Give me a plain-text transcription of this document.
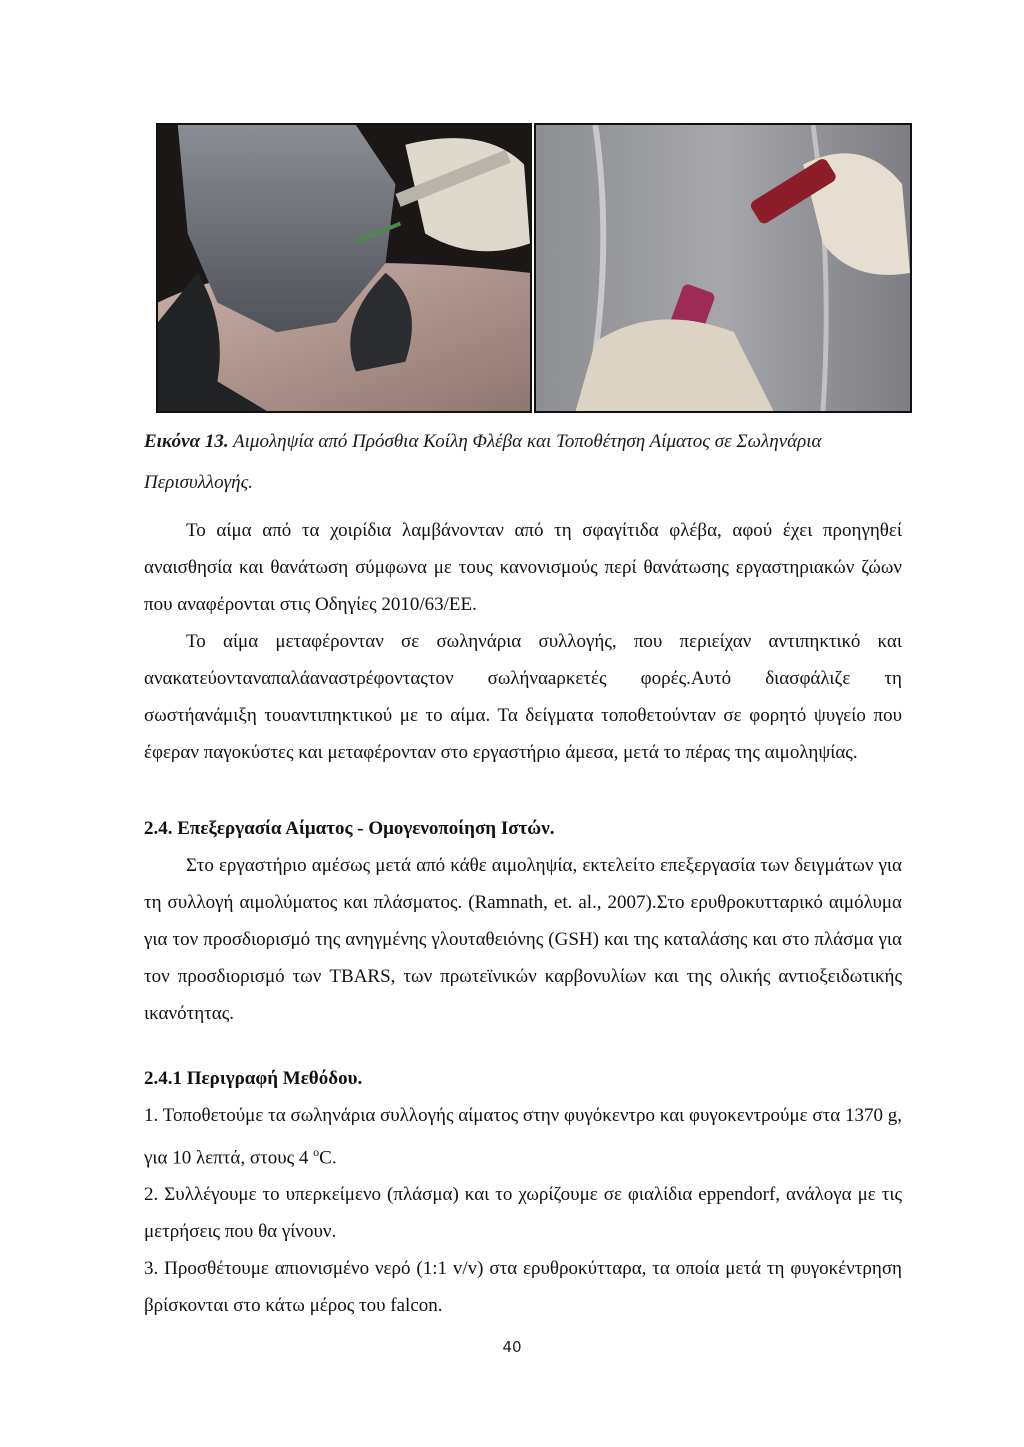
Εικόνα 13. Αιμοληψία από Πρόσθια Κοίλη Φλέβα και Τοποθέτηση Αίματος σε Σωληνάρια Περισυλλογής.

Το αίμα από τα χοιρίδια λαμβάνονταν από τη σφαγίτιδα φλέβα, αφού έχει προηγηθεί αναισθησία και θανάτωση σύμφωνα με τους κανονισμούς περί θανάτωσης εργαστηριακών ζώων που αναφέρονται στις Οδηγίες 2010/63/ΕΕ.

Το αίμα μεταφέρονταν σε σωληνάρια συλλογής, που περιείχαν αντιπηκτικό και ανακατεύονταναπαλάαναστρέφονταςτον σωλήναaρκετές φορές.Αυτό διασφάλιζε τη σωστήανάμιξη τουαντιπηκτικού με το αίμα. Τα δείγματα τοποθετούνταν σε φορητό ψυγείο που έφεραν παγοκύστες και μεταφέρονταν στο εργαστήριο άμεσα, μετά το πέρας της αιμοληψίας.

2.4. Επεξεργασία Αίματος - Ομογενοποίηση Ιστών.

Στο εργαστήριο αμέσως μετά από κάθε αιμοληψία, εκτελείτο επεξεργασία των δειγμάτων για τη συλλογή αιμολύματος και πλάσματος. (Ramnath, et. al., 2007).Στο ερυθροκυτταρικό αιμόλυμα για τον προσδιορισμό της ανηγμένης γλουταθειόνης (GSH) και της καταλάσης και στο πλάσμα για τον προσδιορισμό των TBARS, των πρωτεϊνικών καρβονυλίων και της ολικής αντιοξειδωτικής ικανότητας.

2.4.1 Περιγραφή Μεθόδου.

1. Τοποθετούμε τα σωληνάρια συλλογής αίματος στην φυγόκεντρο και φυγοκεντρούμε στα 1370 g, για 10 λεπτά, στους 4 $^o$C.

2. Συλλέγουμε το υπερκείμενο (πλάσμα) και το χωρίζουμε σε φιαλίδια eppendorf, ανάλογα με τις μετρήσεις που θα γίνουν.

3. Προσθέτουμε απιονισμένο νερό (1:1 v/v) στα ερυθροκύτταρα, τα οποία μετά τη φυγοκέντρηση βρίσκονται στο κάτω μέρος του falcon.

40
